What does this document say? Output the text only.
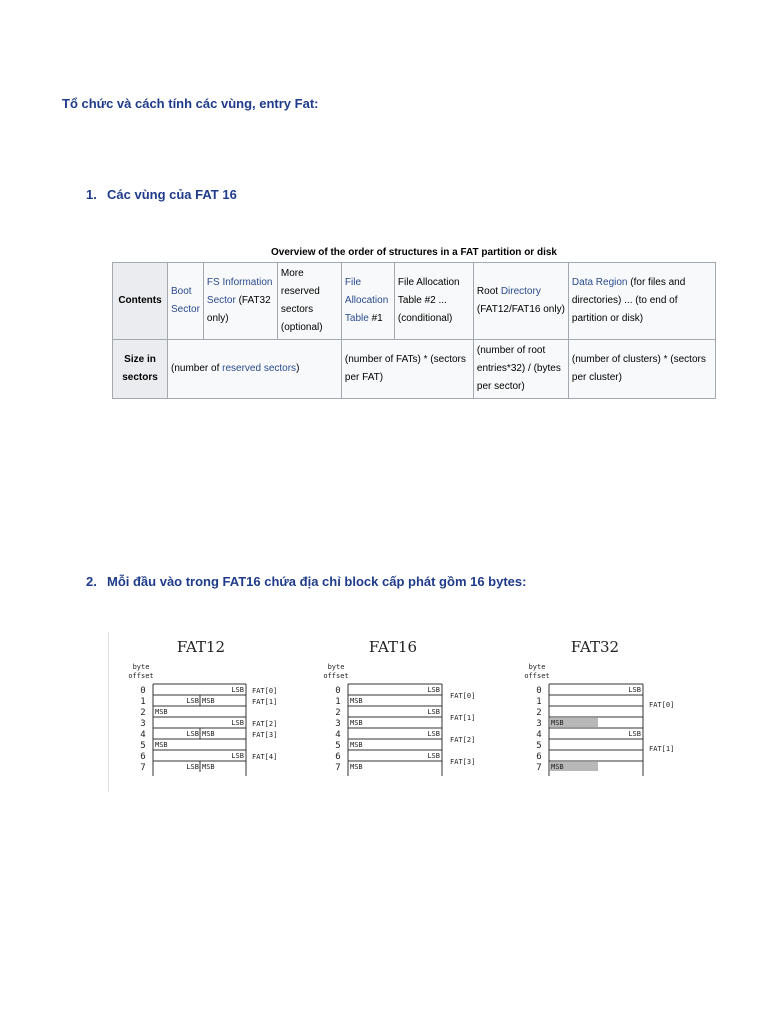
Tổ chức và cách tính các vùng, entry Fat:
1. Các vùng của FAT 16
Overview of the order of structures in a FAT partition or disk
Contents	Boot Sector	FS Information Sector (FAT32 only)	More reserved sectors (optional)	File Allocation Table #1	File Allocation Table #2 ... (conditional)	Root Directory (FAT12/FAT16 only)	Data Region (for files and directories) ... (to end of partition or disk)
Size in sectors	(number of reserved sectors)			(number of FATs) * (sectors per FAT)		(number of root entries*32) / (bytes per sector)	(number of clusters) * (sectors per cluster)
2. Mỗi đầu vào trong FAT16 chứa địa chỉ block cấp phát gồm 16 bytes:
FAT12
byte
offset
0
1
2
3
4
5
6
7
LSB
LSB MSB
MSB
LSB
LSB MSB
MSB
LSB
LSB MSB
FAT[0]
FAT[1]
FAT[2]
FAT[3]
FAT[4]
FAT16
byte
offset
0
1
2
3
4
5
6
7
LSB
MSB
LSB
MSB
LSB
MSB
LSB
MSB
FAT[0]
FAT[1]
FAT[2]
FAT[3]
FAT32
byte
offset
0
1
2
3
4
5
6
7
LSB
MSB
LSB
MSB
FAT[0]
FAT[1]
